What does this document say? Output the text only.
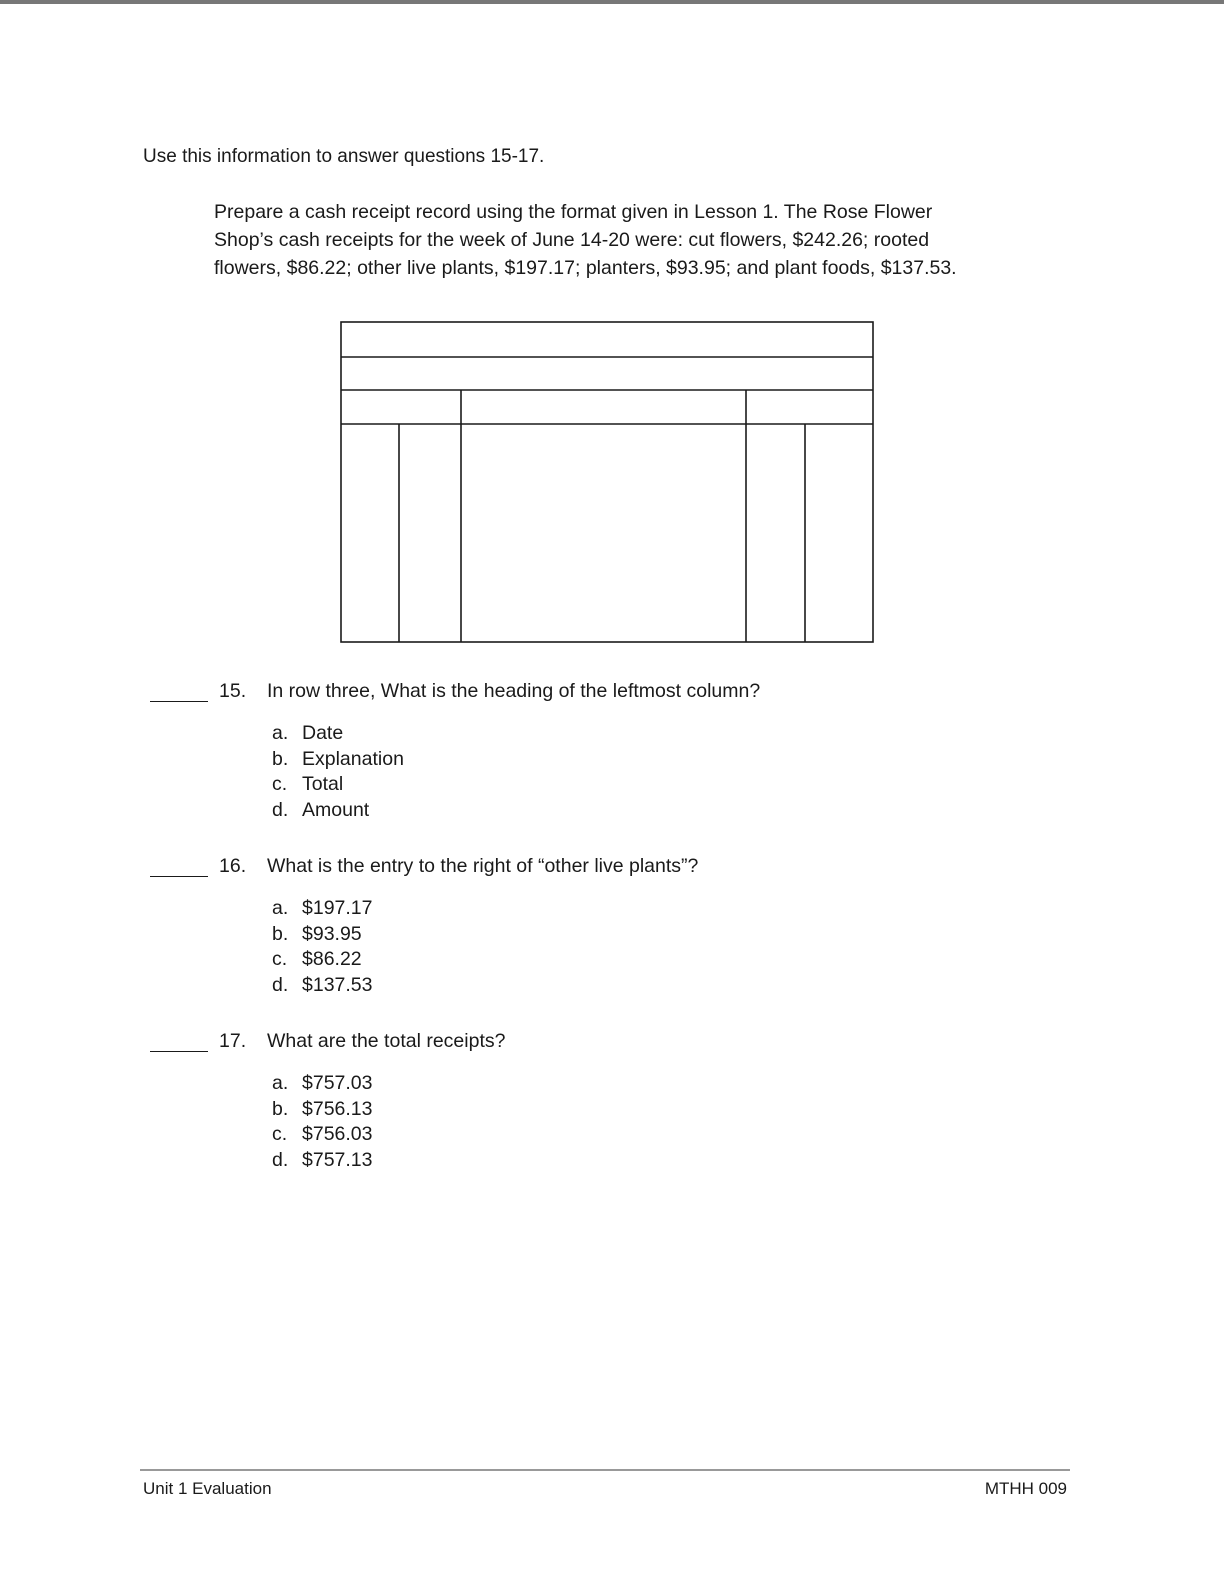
Use this information to answer questions 15-17.

Prepare a cash receipt record using the format given in Lesson 1. The Rose Flower
Shop’s cash receipts for the week of June 14-20 were: cut flowers, $242.26; rooted
flowers, $86.22; other live plants, $197.17; planters, $93.95; and plant foods, $137.53.
15. In row three, What is the heading of the leftmost column?
a. Date
b. Explanation
c. Total
d. Amount
16. What is the entry to the right of “other live plants”?
a. $197.17
b. $93.95
c. $86.22
d. $137.53
17. What are the total receipts?
a. $757.03
b. $756.13
c. $756.03
d. $757.13
Unit 1 Evaluation	MTHH 009
